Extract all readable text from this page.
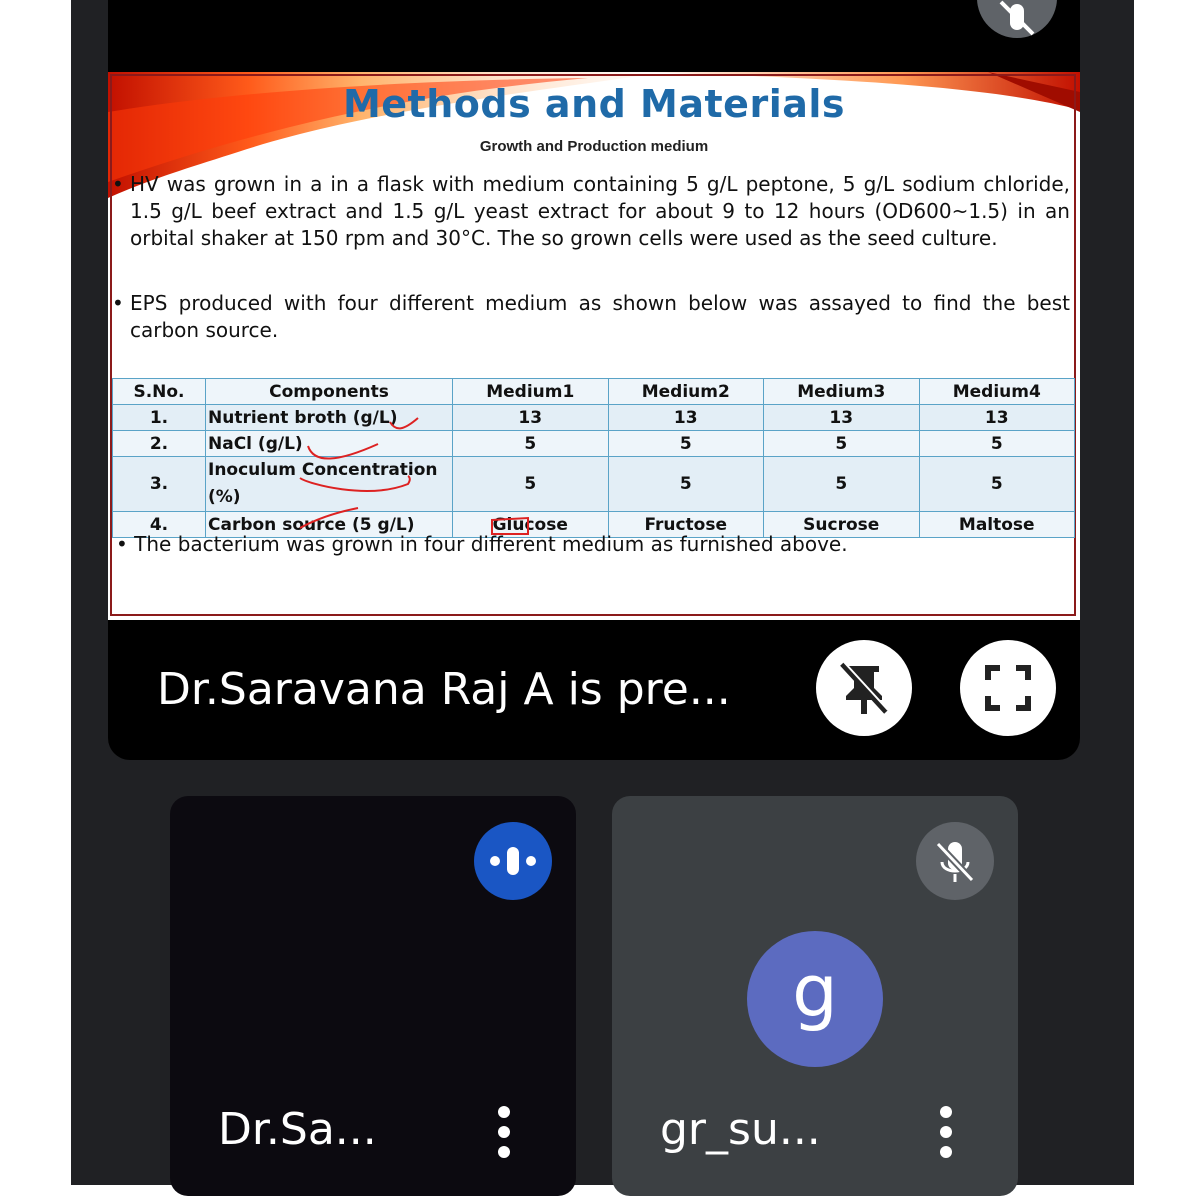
Methods and Materials
Growth and Production medium
• HV was grown in a in a flask with medium containing 5 g/L peptone, 5 g/L sodium chloride, 1.5 g/L beef extract and 1.5 g/L yeast extract for about 9 to 12 hours (OD600~1.5) in an orbital shaker at 150 rpm and 30°C. The so grown cells were used as the seed culture.
• EPS produced with four different medium as shown below was assayed to find the best carbon source.
S.No.	Components	Medium1	Medium2	Medium3	Medium4
1.	Nutrient broth (g/L)	13	13	13	13
2.	NaCl (g/L)	5	5	5	5
3.	Inoculum Concentration (%)	5	5	5	5
4.	Carbon source (5 g/L)	Glucose	Fructose	Sucrose	Maltose
• The bacterium was grown in four different medium as furnished above.
Dr.Saravana Raj A is pre...
Dr.Sa...
g
gr_su...
